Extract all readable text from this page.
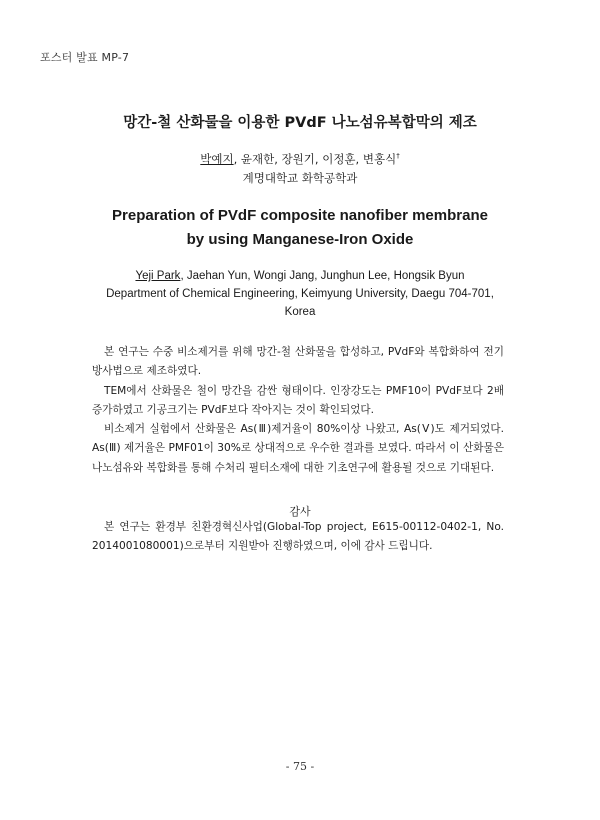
포스터 발표 MP-7
망간-철 산화물을 이용한 PVdF 나노섬유복합막의 제조
박예지, 윤재한, 장원기, 이정훈, 변홍식†
계명대학교 화학공학과
Preparation of PVdF composite nanofiber membrane
by using Manganese-Iron Oxide
Yeji Park, Jaehan Yun, Wongi Jang, Junghun Lee, Hongsik Byun
Department of Chemical Engineering, Keimyung University, Daegu 704-701,
Korea

본 연구는 수중 비소제거를 위해 망간-철 산화물을 합성하고, PVdF와 복합화하여 전기방사법으로 제조하였다.

TEM에서 산화물은 철이 망간을 감싼 형태이다. 인장강도는 PMF10이 PVdF보다 2배 증가하였고 기공크기는 PVdF보다 작아지는 것이 확인되었다.

비소제거 실험에서 산화물은 As(Ⅲ)제거율이 80%이상 나왔고, As(Ⅴ)도 제거되었다. As(Ⅲ) 제거율은 PMF01이 30%로 상대적으로 우수한 결과를 보였다. 따라서 이 산화물은 나노섬유와 복합화를 통해 수처리 필터소재에 대한 기초연구에 활용될 것으로 기대된다.

감사
본 연구는 환경부 친환경혁신사업(Global-Top project, E615-00112-0402-1, No. 2014001080001)으로부터 지원받아 진행하였으며, 이에 감사 드립니다.
- 75 -
